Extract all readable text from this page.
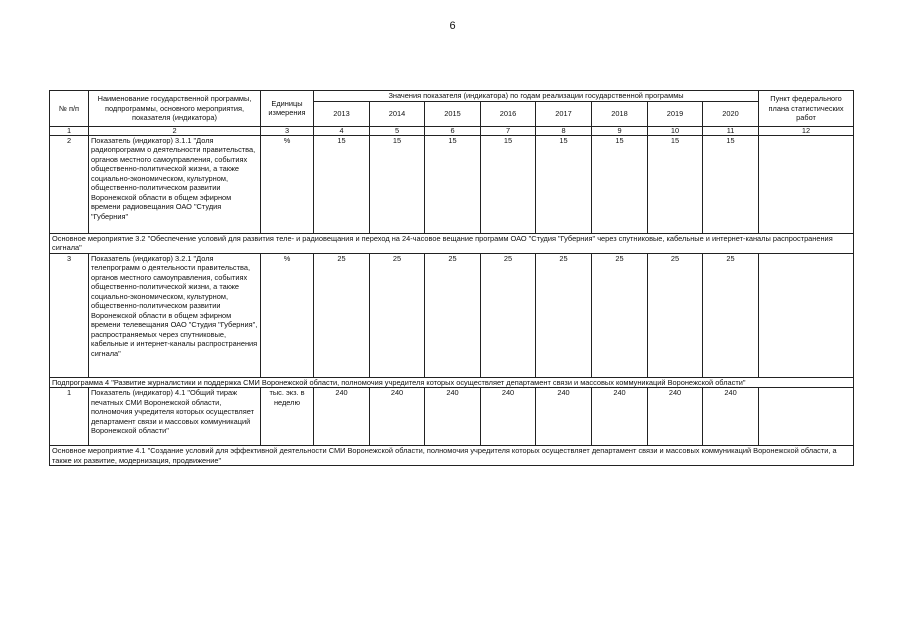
6
№ п/п	Наименование государственной программы, подпрограммы, основного мероприятия, показателя (индикатора)	Единицы измерения	Значения показателя (индикатора) по годам реализации государственной программы								Пункт федерального плана статистических работ
			2013	2014	2015	2016	2017	2018	2019	2020	
1	2	3	4	5	6	7	8	9	10	11	12
2	Показатель (индикатор) 3.1.1 "Доля радиопрограмм о деятельности правительства, органов местного самоуправления, событиях общественно-политической жизни, а также социально-экономическом, культурном, общественно-политическом развитии Воронежской области в общем эфирном времени радиовещания ОАО "Студия "Губерния"	%	15	15	15	15	15	15	15	15	
Основное мероприятие 3.2 "Обеспечение условий для развития теле- и радиовещания и переход на 24-часовое вещание программ ОАО "Студия "Губерния" через спутниковые, кабельные и интернет-каналы распространения сигнала"											
3	Показатель (индикатор) 3.2.1 "Доля телепрограмм о деятельности правительства, органов местного самоуправления, событиях общественно-политической жизни, а также социально-экономическом, культурном, общественно-политическом развитии Воронежской области в общем эфирном времени телевещания ОАО "Студия "Губерния", распространяемых через спутниковые, кабельные и интернет-каналы распространения сигнала"	%	25	25	25	25	25	25	25	25	
Подпрограмма 4 "Развитие журналистики и поддержка СМИ Воронежской области, полномочия учредителя которых осуществляет департамент связи и массовых коммуникаций Воронежской области"											
1	Показатель (индикатор) 4.1 "Общий тираж печатных СМИ Воронежской области, полномочия учредителя которых осуществляет департамент связи и массовых коммуникаций Воронежской области"	тыс. экз. в неделю	240	240	240	240	240	240	240	240	
Основное мероприятие 4.1 "Создание условий для эффективной деятельности СМИ Воронежской области, полномочия учредителя которых осуществляет департамент связи и массовых коммуникаций Воронежской области, а также их развитие, модернизация, продвижение"											
